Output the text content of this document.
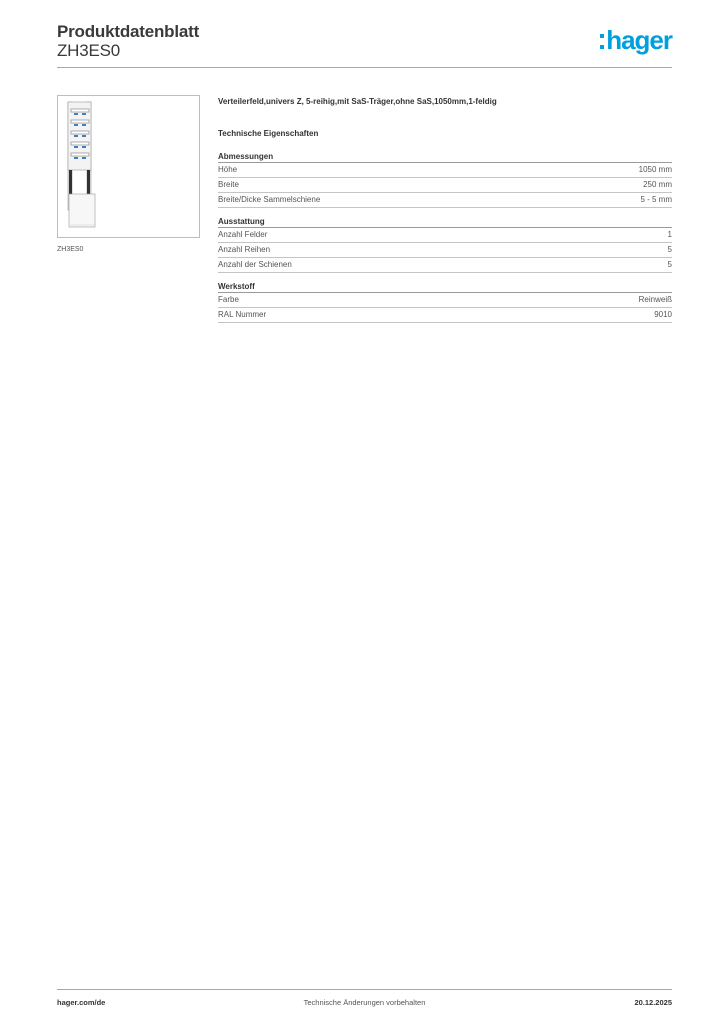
Produktdatenblatt
ZH3ES0	hager
ZH3ES0
Verteilerfeld,univers Z, 5-reihig,mit SaS-Träger,ohne SaS,1050mm,1-feldig
Technische Eigenschaften
Abmessungen
Höhe	1050 mm
Breite	250 mm
Breite/Dicke Sammelschiene	5 - 5 mm
Ausstattung
Anzahl Felder	1
Anzahl Reihen	5
Anzahl der Schienen	5
Werkstoff
Farbe	Reinweiß
RAL Nummer	9010
hager.com/de	Technische Änderungen vorbehalten	20.12.2025
